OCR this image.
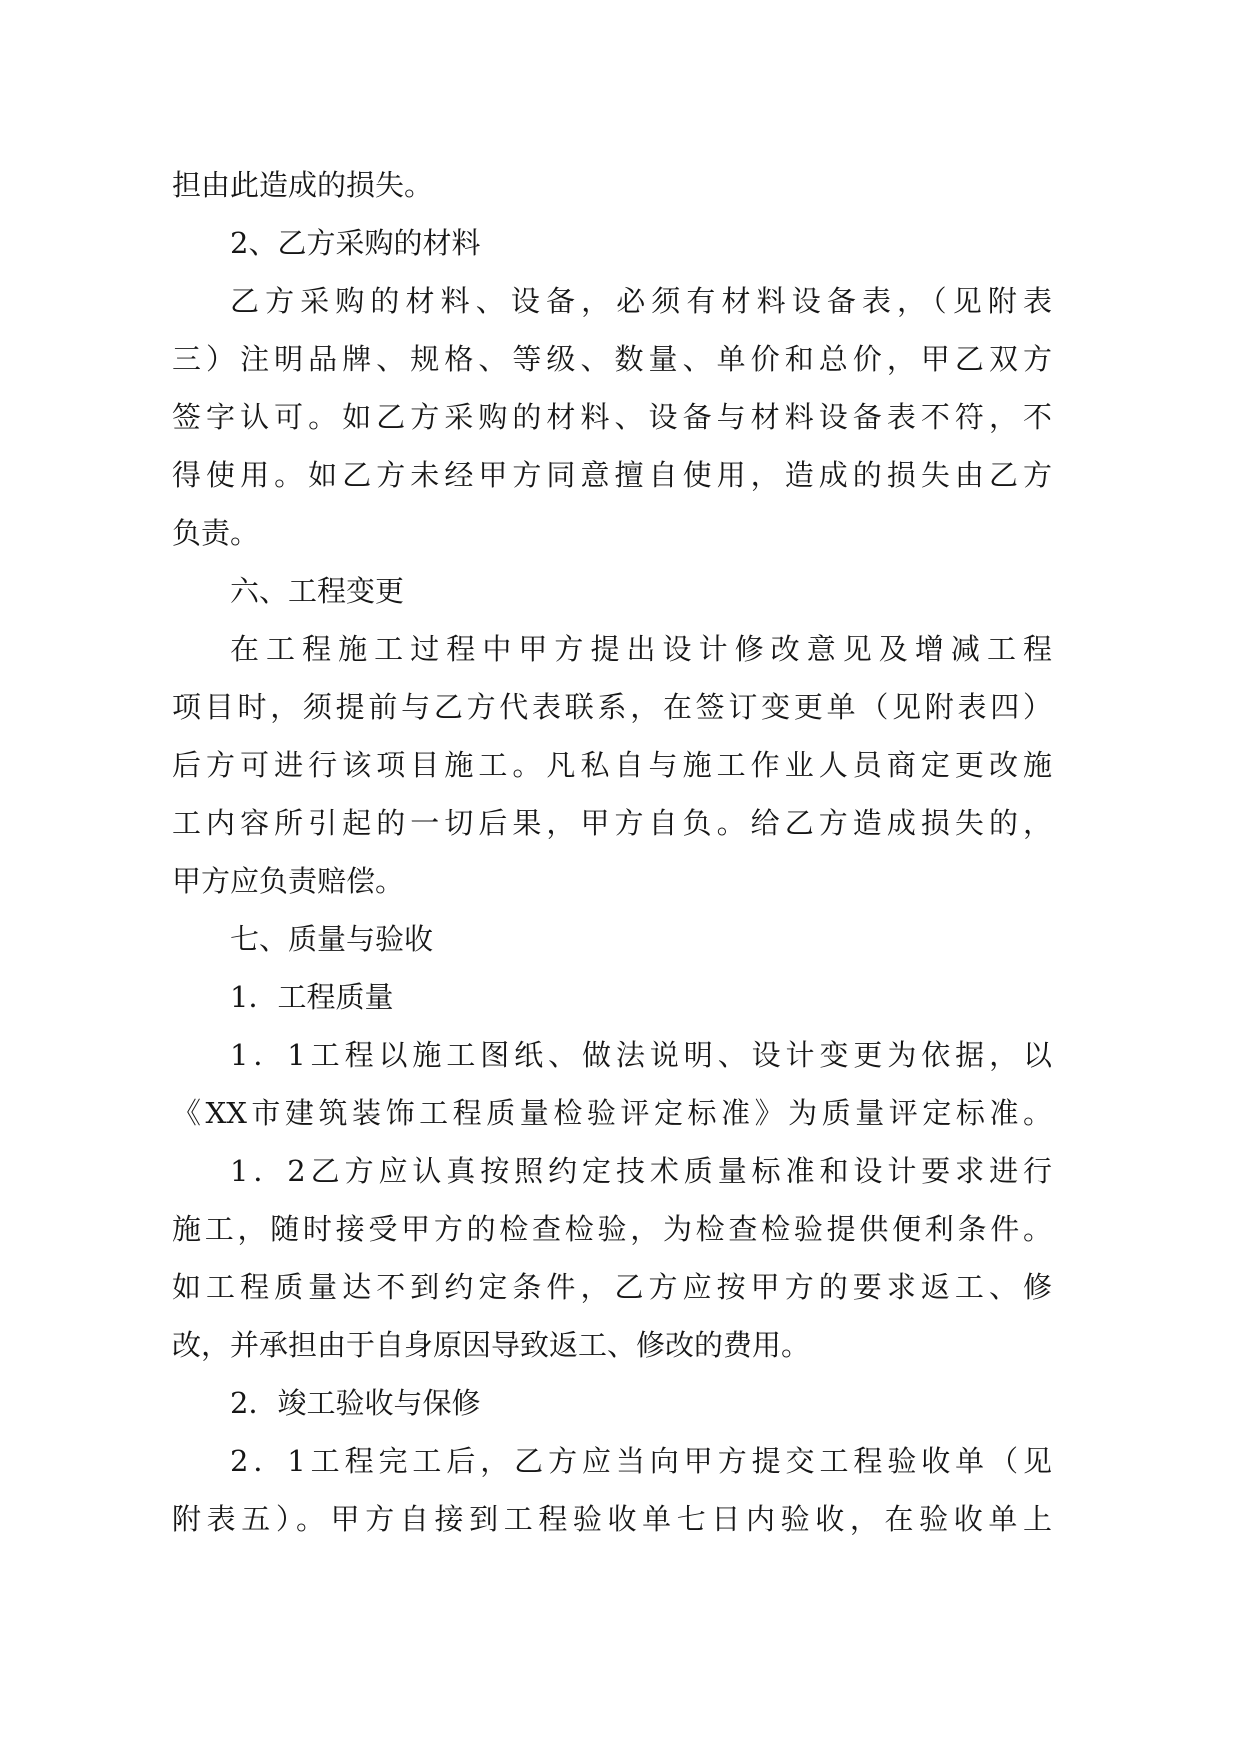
担由此造成的损失。
2、乙方采购的材料
乙方采购的材料、设备，必须有材料设备表，（见附表
三）注明品牌、规格、等级、数量、单价和总价，甲乙双方
签字认可。如乙方采购的材料、设备与材料设备表不符，不
得使用。如乙方未经甲方同意擅自使用，造成的损失由乙方
负责。
六、工程变更
在工程施工过程中甲方提出设计修改意见及增减工程
项目时，须提前与乙方代表联系，在签订变更单（见附表四）
后方可进行该项目施工。凡私自与施工作业人员商定更改施
工内容所引起的一切后果，甲方自负。给乙方造成损失的，
甲方应负责赔偿。
七、质量与验收
1．工程质量
1．1工程以施工图纸、做法说明、设计变更为依据，以
《XX市建筑装饰工程质量检验评定标准》为质量评定标准。
1．2乙方应认真按照约定技术质量标准和设计要求进行
施工，随时接受甲方的检查检验，为检查检验提供便利条件。
如工程质量达不到约定条件，乙方应按甲方的要求返工、修
改，并承担由于自身原因导致返工、修改的费用。
2．竣工验收与保修
2．1工程完工后，乙方应当向甲方提交工程验收单（见
附表五）。甲方自接到工程验收单七日内验收，在验收单上
